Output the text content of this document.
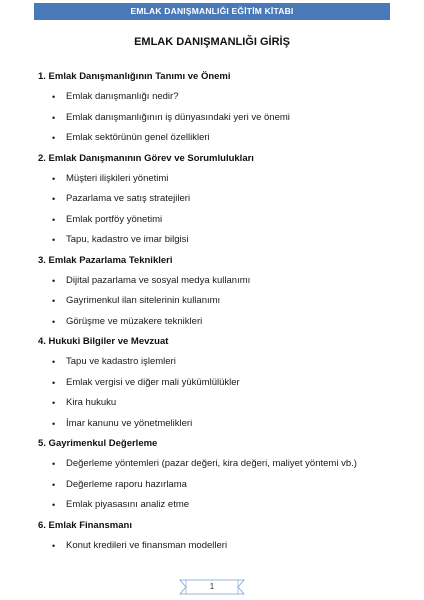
EMLAK DANIŞMANLIĞI EĞİTİM KİTABI
EMLAK DANIŞMANLIĞI GİRİŞ
1. Emlak Danışmanlığının Tanımı ve Önemi
• Emlak danışmanlığı nedir?
• Emlak danışmanlığının iş dünyasındaki yeri ve önemi
• Emlak sektörünün genel özellikleri
2. Emlak Danışmanının Görev ve Sorumlulukları
• Müşteri ilişkileri yönetimi
• Pazarlama ve satış stratejileri
• Emlak portföy yönetimi
• Tapu, kadastro ve imar bilgisi
3. Emlak Pazarlama Teknikleri
• Dijital pazarlama ve sosyal medya kullanımı
• Gayrimenkul ilan sitelerinin kullanımı
• Görüşme ve müzakere teknikleri
4. Hukuki Bilgiler ve Mevzuat
• Tapu ve kadastro işlemleri
• Emlak vergisi ve diğer mali yükümlülükler
• Kira hukuku
• İmar kanunu ve yönetmelikleri
5. Gayrimenkul Değerleme
• Değerleme yöntemleri (pazar değeri, kira değeri, maliyet yöntemi vb.)
• Değerleme raporu hazırlama
• Emlak piyasasını analiz etme
6. Emlak Finansmanı
• Konut kredileri ve finansman modelleri
1
